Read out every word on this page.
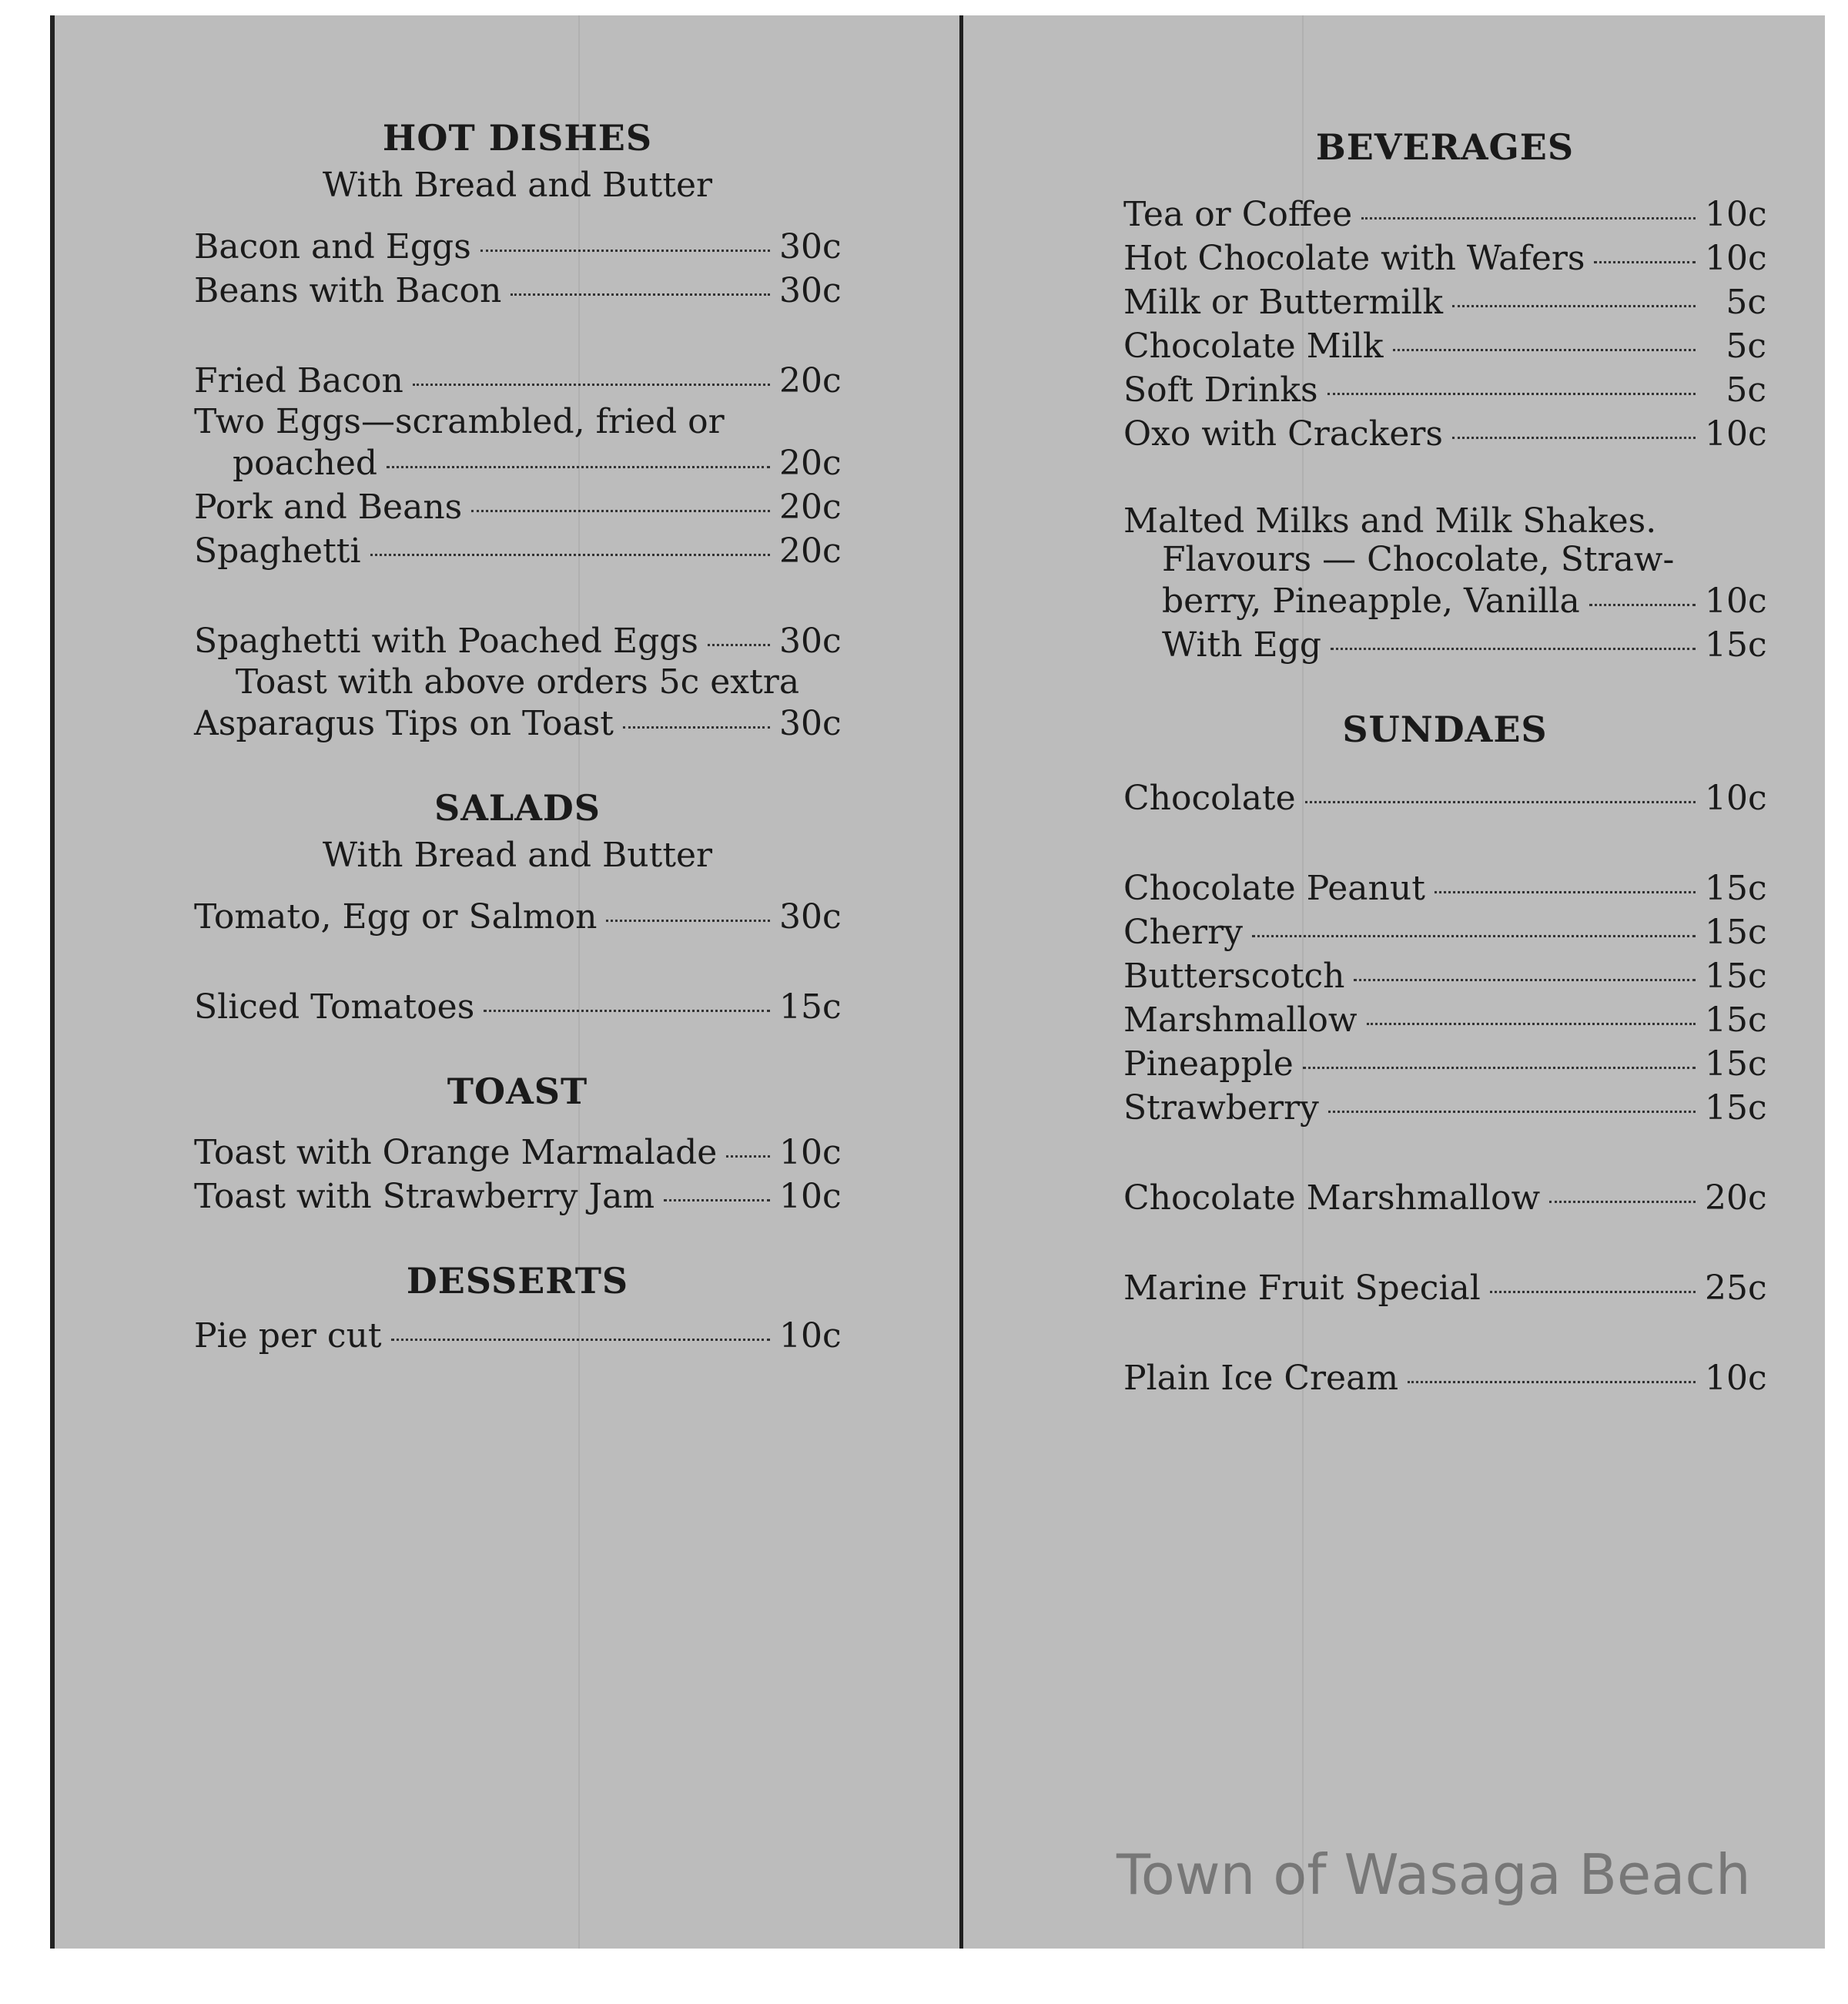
HOT DISHES

With Bread and Butter

Bacon and Eggs	30c
Beans with Bacon	30c
Fried Bacon	20c
Two Eggs—scrambled, fried or
poached	20c
Pork and Beans	20c
Spaghetti	20c
Spaghetti with Poached Eggs 30c

Toast with above orders 5c extra

Asparagus Tips on Toast	30c
SALADS

With Bread and Butter

Tomato, Egg or Salmon	30c
Sliced Tomatoes	15c
TOAST
Toast with Orange Marmalade 10c
Toast with Strawberry Jam	10c
DESSERTS
Pie per cut	10c
BEVERAGES
Tea or Coffee	10c
Hot Chocolate with Wafers	10c
Milk or Buttermilk	5c
Chocolate Milk	5c
Soft Drinks	5c
Oxo with Crackers	10c
Malted Milks and Milk Shakes.
Flavours — Chocolate, Straw-
berry, Pineapple, Vanilla	10c
With Egg	15c
SUNDAES
Chocolate	10c
Chocolate Peanut	15c
Cherry	15c
Butterscotch	15c
Marshmallow	15c
Pineapple	15c
Strawberry	15c
Chocolate Marshmallow	20c
Marine Fruit Special	25c
Plain Ice Cream	10c
Town of Wasaga Beach
